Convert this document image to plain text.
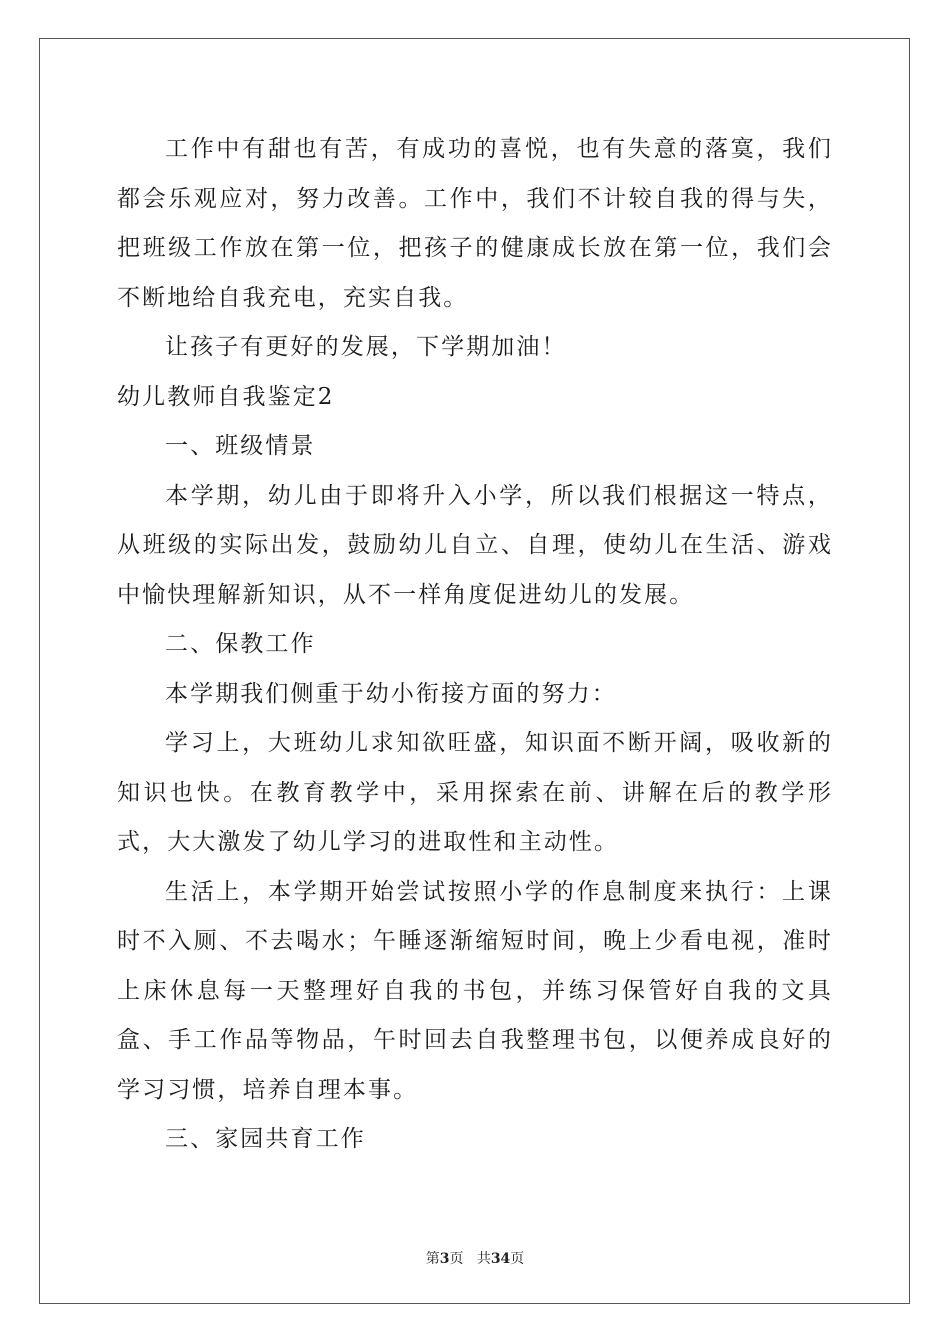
工作中有甜也有苦，有成功的喜悦，也有失意的落寞，我们都会乐观应对，努力改善。工作中，我们不计较自我的得与失，把班级工作放在第一位，把孩子的健康成长放在第一位，我们会不断地给自我充电，充实自我。

让孩子有更好的发展，下学期加油！

幼儿教师自我鉴定2

一、班级情景

本学期，幼儿由于即将升入小学，所以我们根据这一特点，从班级的实际出发，鼓励幼儿自立、自理，使幼儿在生活、游戏中愉快理解新知识，从不一样角度促进幼儿的发展。

二、保教工作

本学期我们侧重于幼小衔接方面的努力：

学习上，大班幼儿求知欲旺盛，知识面不断开阔，吸收新的知识也快。在教育教学中，采用探索在前、讲解在后的教学形式，大大激发了幼儿学习的进取性和主动性。

生活上，本学期开始尝试按照小学的作息制度来执行：上课时不入厕、不去喝水；午睡逐渐缩短时间，晚上少看电视，准时上床休息每一天整理好自我的书包，并练习保管好自我的文具盒、手工作品等物品，午时回去自我整理书包，以便养成良好的学习习惯，培养自理本事。

三、家园共育工作

第3页 共34页
